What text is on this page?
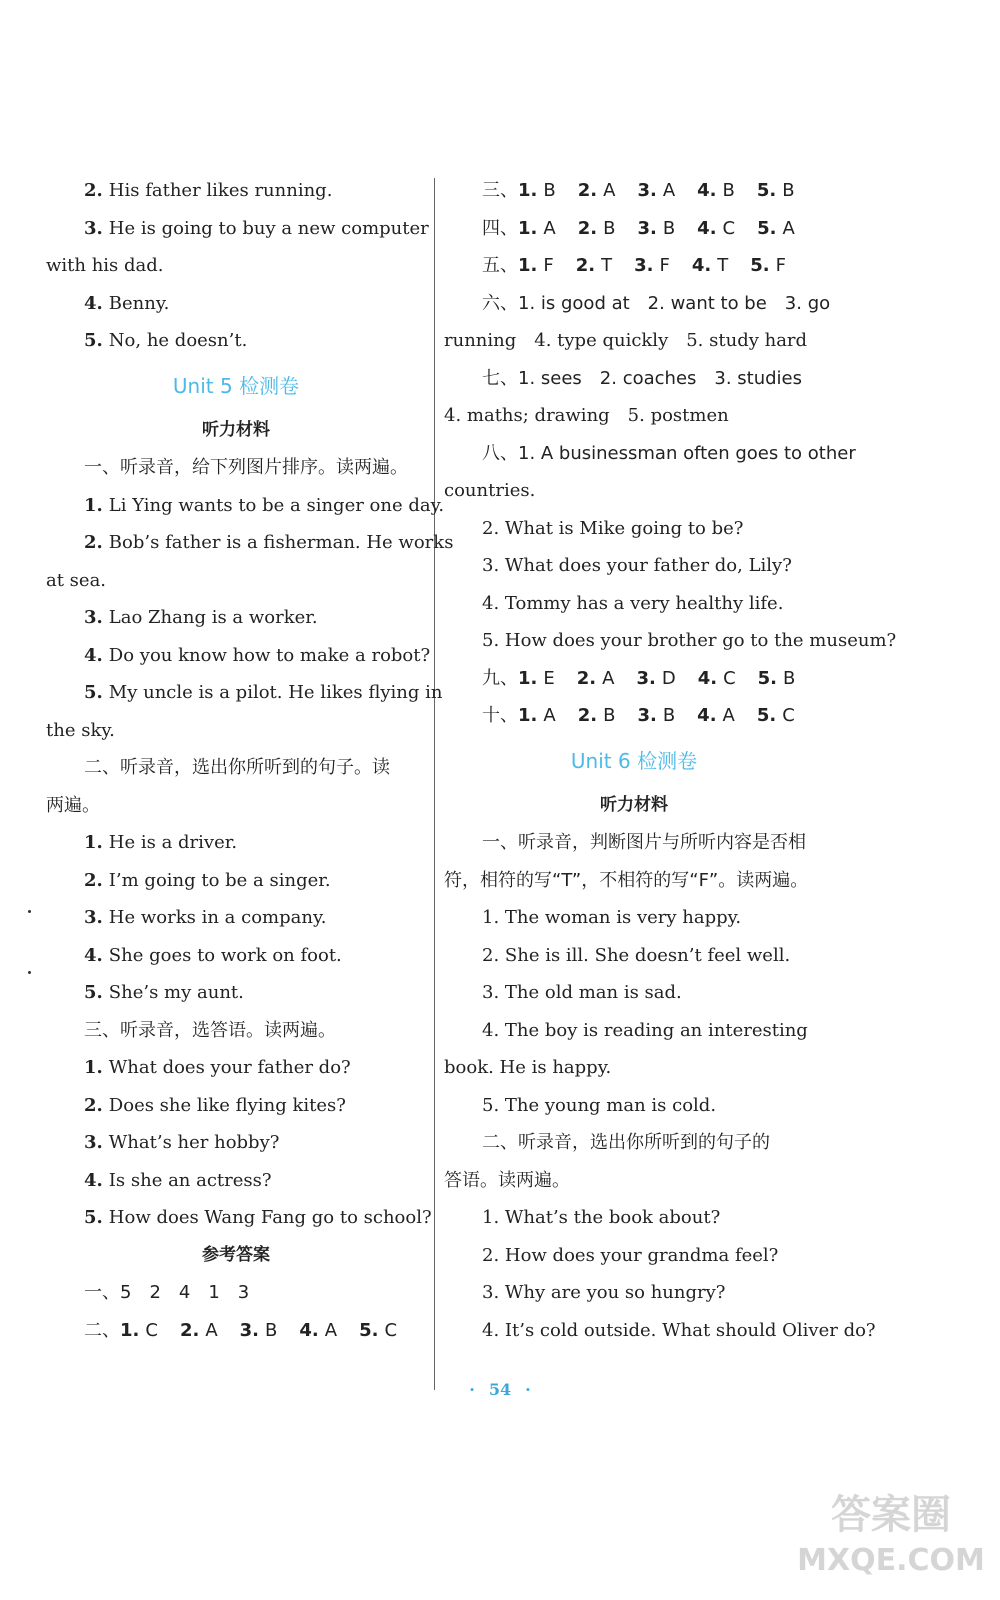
2. His father likes running.
3. He is going to buy a new computer
with his dad.
4. Benny.
5. No, he doesn’t.
Unit 5 检测卷
听力材料
一、听录音，给下列图片排序。读两遍。
1. Li Ying wants to be a singer one day.
2. Bob’s father is a fisherman. He works
at sea.
3. Lao Zhang is a worker.
4. Do you know how to make a robot?
5. My uncle is a pilot. He likes flying in
the sky.
二、听录音，选出你所听到的句子。读
两遍。
1. He is a driver.
2. I’m going to be a singer.
3. He works in a company.
4. She goes to work on foot.
5. She’s my aunt.
三、听录音，选答语。读两遍。
1. What does your father do?
2. Does she like flying kites?
3. What’s her hobby?
4. Is she an actress?
5. How does Wang Fang go to school?
参考答案
一、5　2　4　1　3
二、1. C 2. A 3. B 4. A 5. C
三、1. B 2. A 3. A 4. B 5. B
四、1. A 2. B 3. B 4. C 5. A
五、1. F 2. T 3. F 4. T 5. F
六、1. is good at　2. want to be　3. go
running　4. type quickly　5. study hard
七、1. sees　2. coaches　3. studies
4. maths; drawing　5. postmen
八、1. A businessman often goes to other
countries.
2. What is Mike going to be?
3. What does your father do, Lily?
4. Tommy has a very healthy life.
5. How does your brother go to the museum?
九、1. E 2. A 3. D 4. C 5. B
十、1. A 2. B 3. B 4. A 5. C
Unit 6 检测卷
听力材料
一、听录音，判断图片与所听内容是否相
符，相符的写“T”，不相符的写“F”。读两遍。
1. The woman is very happy.
2. She is ill. She doesn’t feel well.
3. The old man is sad.
4. The boy is reading an interesting
book. He is happy.
5. The young man is cold.
二、听录音，选出你所听到的句子的
答语。读两遍。
1. What’s the book about?
2. How does your grandma feel?
3. Why are you so hungry?
4. It’s cold outside. What should Oliver do?
· 54 ·
答案圈
MXQE.COM
